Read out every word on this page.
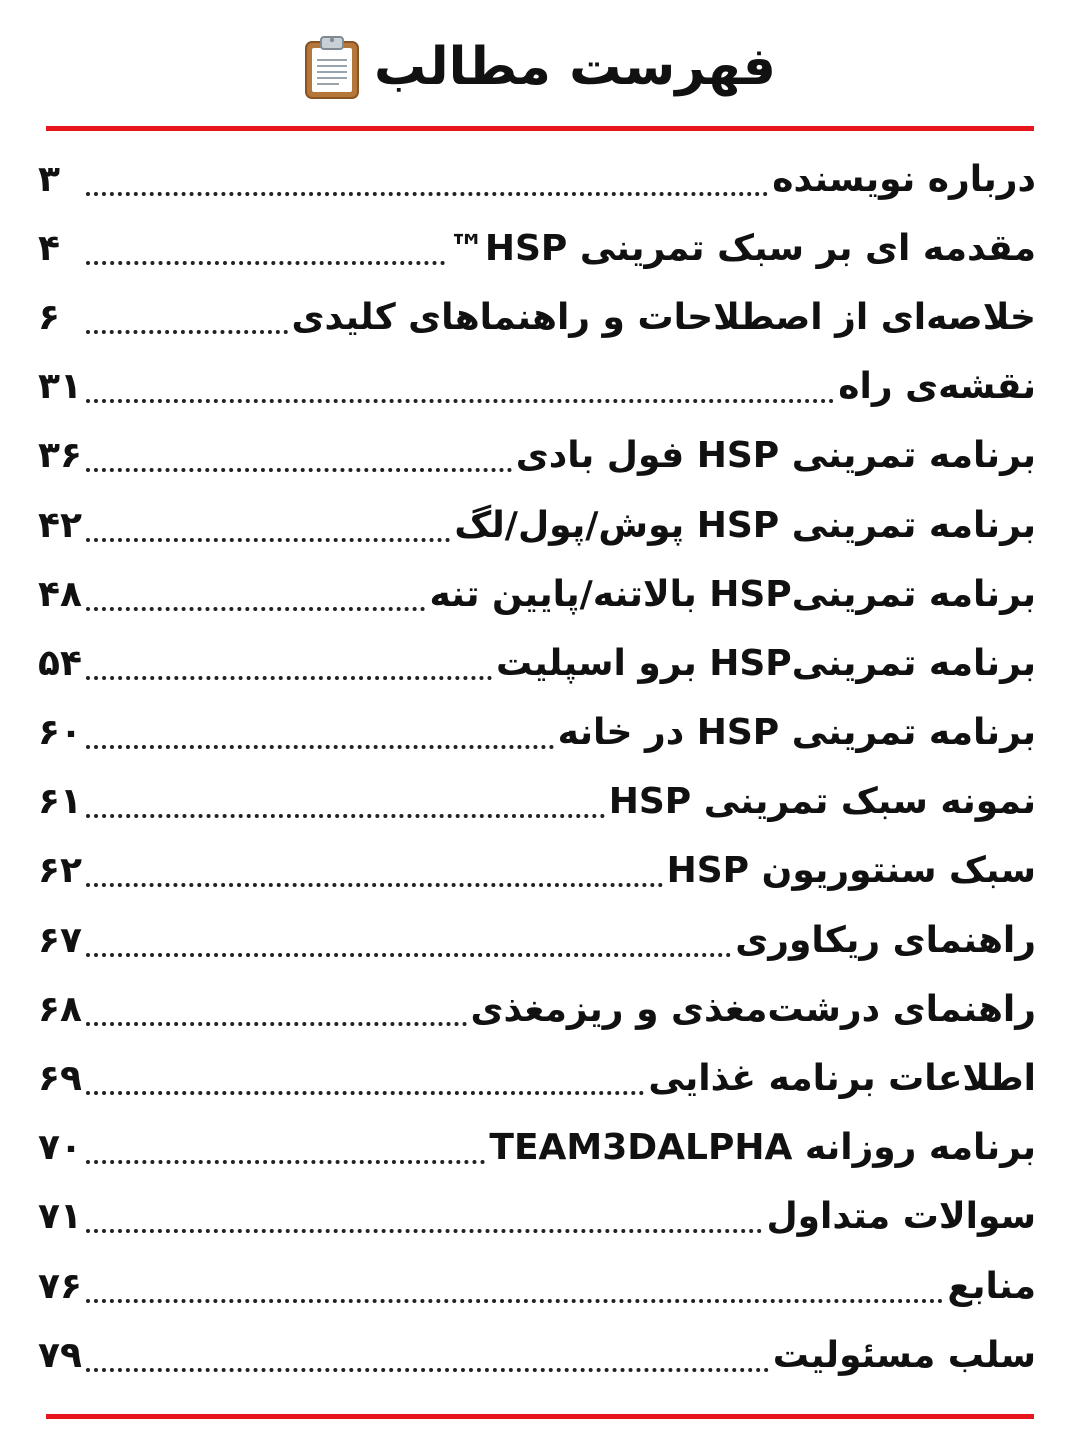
فهرست مطالب
درباره نویسنده
۳
مقدمه ای بر سبک تمرینی HSP™
۴
خلاصه‌ای از اصطلاحات و راهنماهای کلیدی
۶
نقشه‌ی راه
۳۱
برنامه تمرینی HSP فول بادی
۳۶
برنامه تمرینی HSP پوش/پول/لگ
۴۲
برنامه تمرینیHSP بالاتنه/پایین تنه
۴۸
برنامه تمرینیHSP برو اسپلیت
۵۴
برنامه تمرینی HSP در خانه
۶۰
نمونه سبک تمرینی HSP
۶۱
سبک سنتوریون HSP
۶۲
راهنمای ریکاوری
۶۷
راهنمای درشت‌مغذی و ریزمغذی
۶۸
اطلاعات برنامه غذایی
۶۹
برنامه روزانه TEAM3DALPHA
۷۰
سوالات متداول
۷۱
منابع
۷۶
سلب مسئولیت
۷۹
